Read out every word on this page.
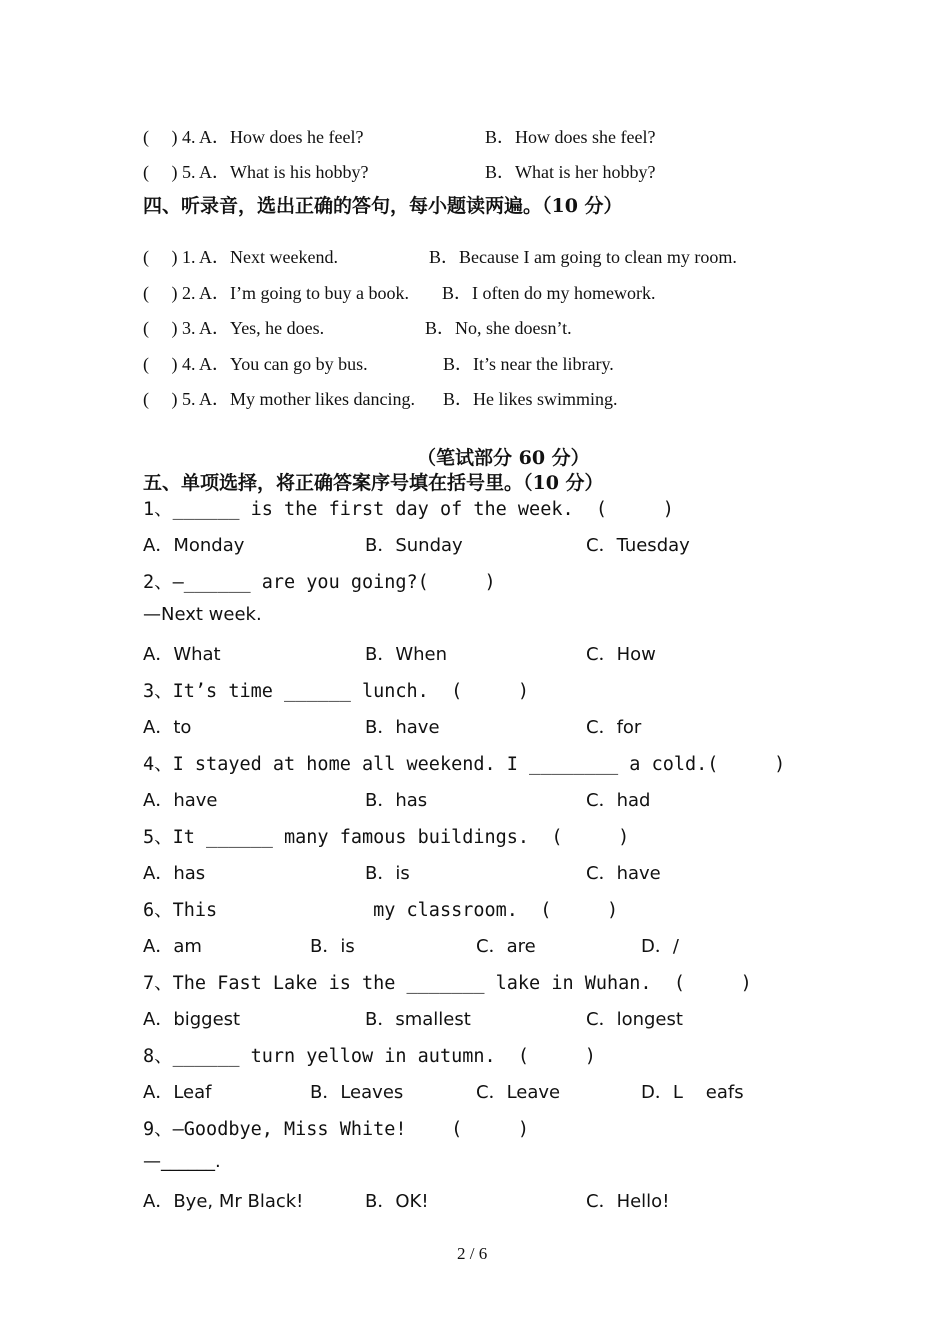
(     ) 4. A．How does he feel?	B．How does she feel?
(     ) 5. A．What is his hobby?	B．What is her hobby?
四、听录音，选出正确的答句，每小题读两遍。（10 分）
(     ) 1. A．Next weekend.	B．Because I am going to clean my room.
(     ) 2. A．I’m going to buy a book. B．I often do my homework.
(     ) 3. A．Yes, he does.	B．No, she doesn’t.
(     ) 4. A．You can go by bus.	B．It’s near the library.
(     ) 5. A．My mother likes dancing. B．He likes swimming.
（笔试部分 60 分）
五、单项选择，将正确答案序号填在括号里。（10 分）
1、______ is the first day of the week.  (     )
A．Monday	B．Sunday	C．Tuesday
2、—______ are you going?(     )
—Next week.
A．What	B．When	C．How
3、It’s time ______ lunch.  (     )
A．to	B．have	C．for
4、I stayed at home all weekend. I ________ a cold.(     )
A．have	B．has	C．had
5、It ______ many famous buildings.  (     )
A．has	B．is	C．have
6、This              my classroom.  (     )
A．am	B．is	C．are	D．/
7、The Fast Lake is the _______ lake in Wuhan.  (     )
A．biggest	B．smallest	C．longest
8、______ turn yellow in autumn.  (     )
A．Leaf	B．Leaves	C．Leave	D．L    eafs
9、—Goodbye, Miss White!    (     )
—______.
A．Bye, Mr Black!	B．OK!	C．Hello!
2 / 6
